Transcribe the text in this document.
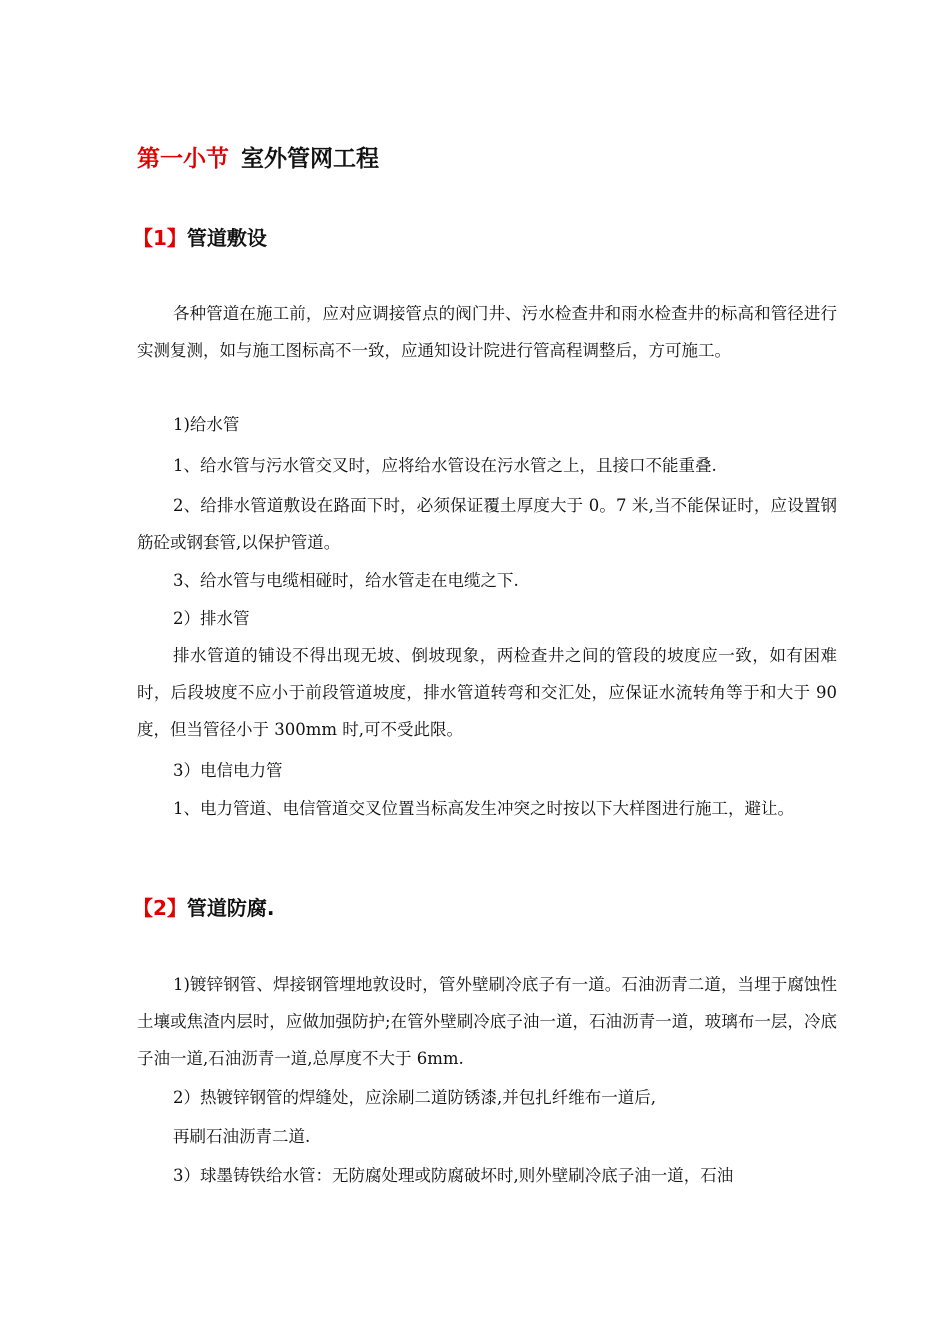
第一小节 室外管网工程
【1】管道敷设

各种管道在施工前，应对应调接管点的阀门井、污水检查井和雨水检查井的标高和管径进行实测复测，如与施工图标高不一致，应通知设计院进行管高程调整后，方可施工。

1)给水管

1、给水管与污水管交叉时，应将给水管设在污水管之上，且接口不能重叠.

2、给排水管道敷设在路面下时，必须保证覆土厚度大于 0。7 米,当不能保证时，应设置钢筋砼或钢套管,以保护管道。

3、给水管与电缆相碰时，给水管走在电缆之下.

2）排水管

排水管道的铺设不得出现无坡、倒坡现象，两检查井之间的管段的坡度应一致，如有困难时，后段坡度不应小于前段管道坡度，排水管道转弯和交汇处，应保证水流转角等于和大于 90 度，但当管径小于 300mm 时,可不受此限。

3）电信电力管

1、电力管道、电信管道交叉位置当标高发生冲突之时按以下大样图进行施工，避让。

【2】管道防腐.

1)镀锌钢管、焊接钢管埋地敦设时，管外壁刷冷底子有一道。石油沥青二道，当埋于腐蚀性土壤或焦渣内层时，应做加强防护;在管外壁刷冷底子油一道，石油沥青一道，玻璃布一层，冷底子油一道,石油沥青一道,总厚度不大于 6mm.

2）热镀锌钢管的焊缝处，应涂刷二道防锈漆,并包扎纤维布一道后,

再刷石油沥青二道.

3）球墨铸铁给水管：无防腐处理或防腐破坏时,则外壁刷冷底子油一道，石油
